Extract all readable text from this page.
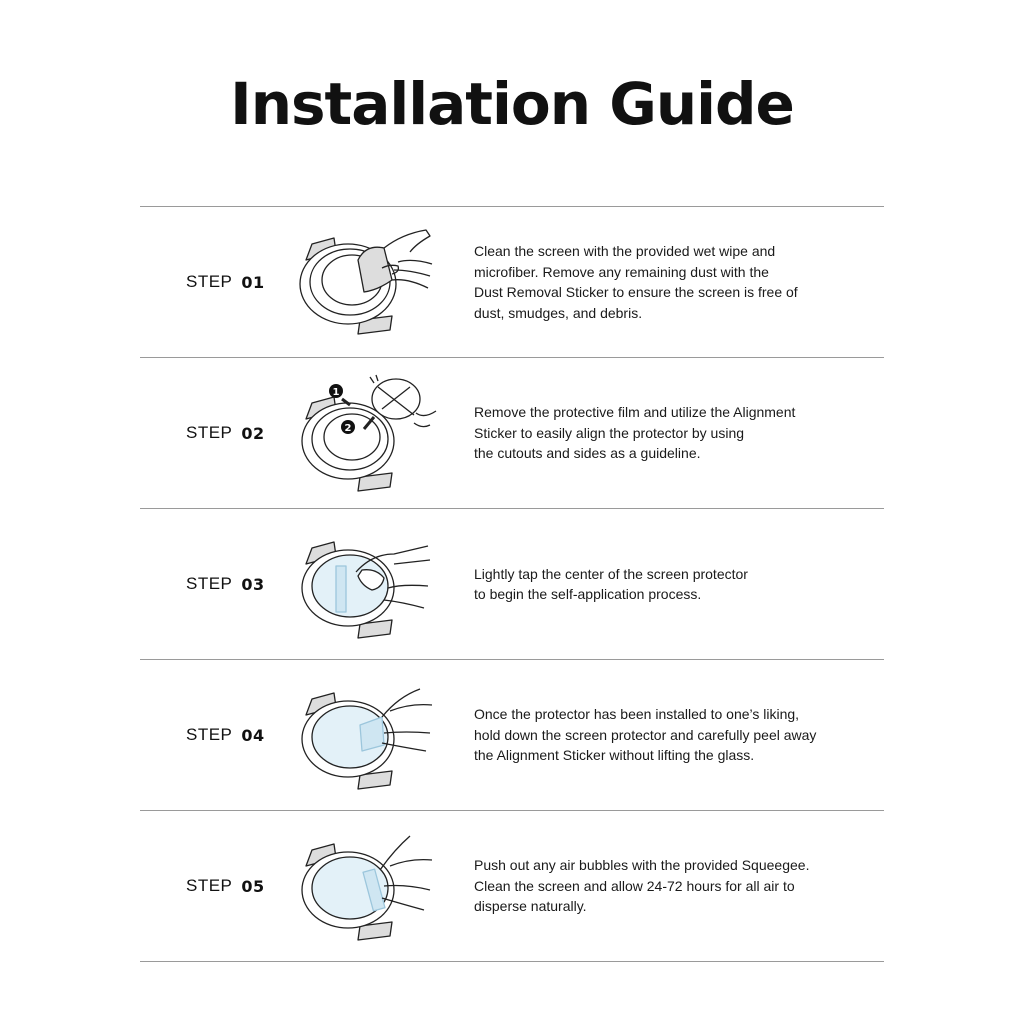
Installation Guide
STEP 01
Clean the screen with the provided wet wipe and
microfiber. Remove any remaining dust with the
Dust Removal Sticker to ensure the screen is free of
dust, smudges, and debris.
STEP 02
1
2
Remove the protective film and utilize the Alignment
Sticker to easily align the protector by using
the cutouts and sides as a guideline.
STEP 03
Lightly tap the center of the screen protector
to begin the self-application process.
STEP 04
Once the protector has been installed to one’s liking,
hold down the screen protector and carefully peel away
the Alignment Sticker without lifting the glass.
STEP 05
Push out any air bubbles with the provided Squeegee.
Clean the screen and allow 24-72 hours for all air to
disperse naturally.
